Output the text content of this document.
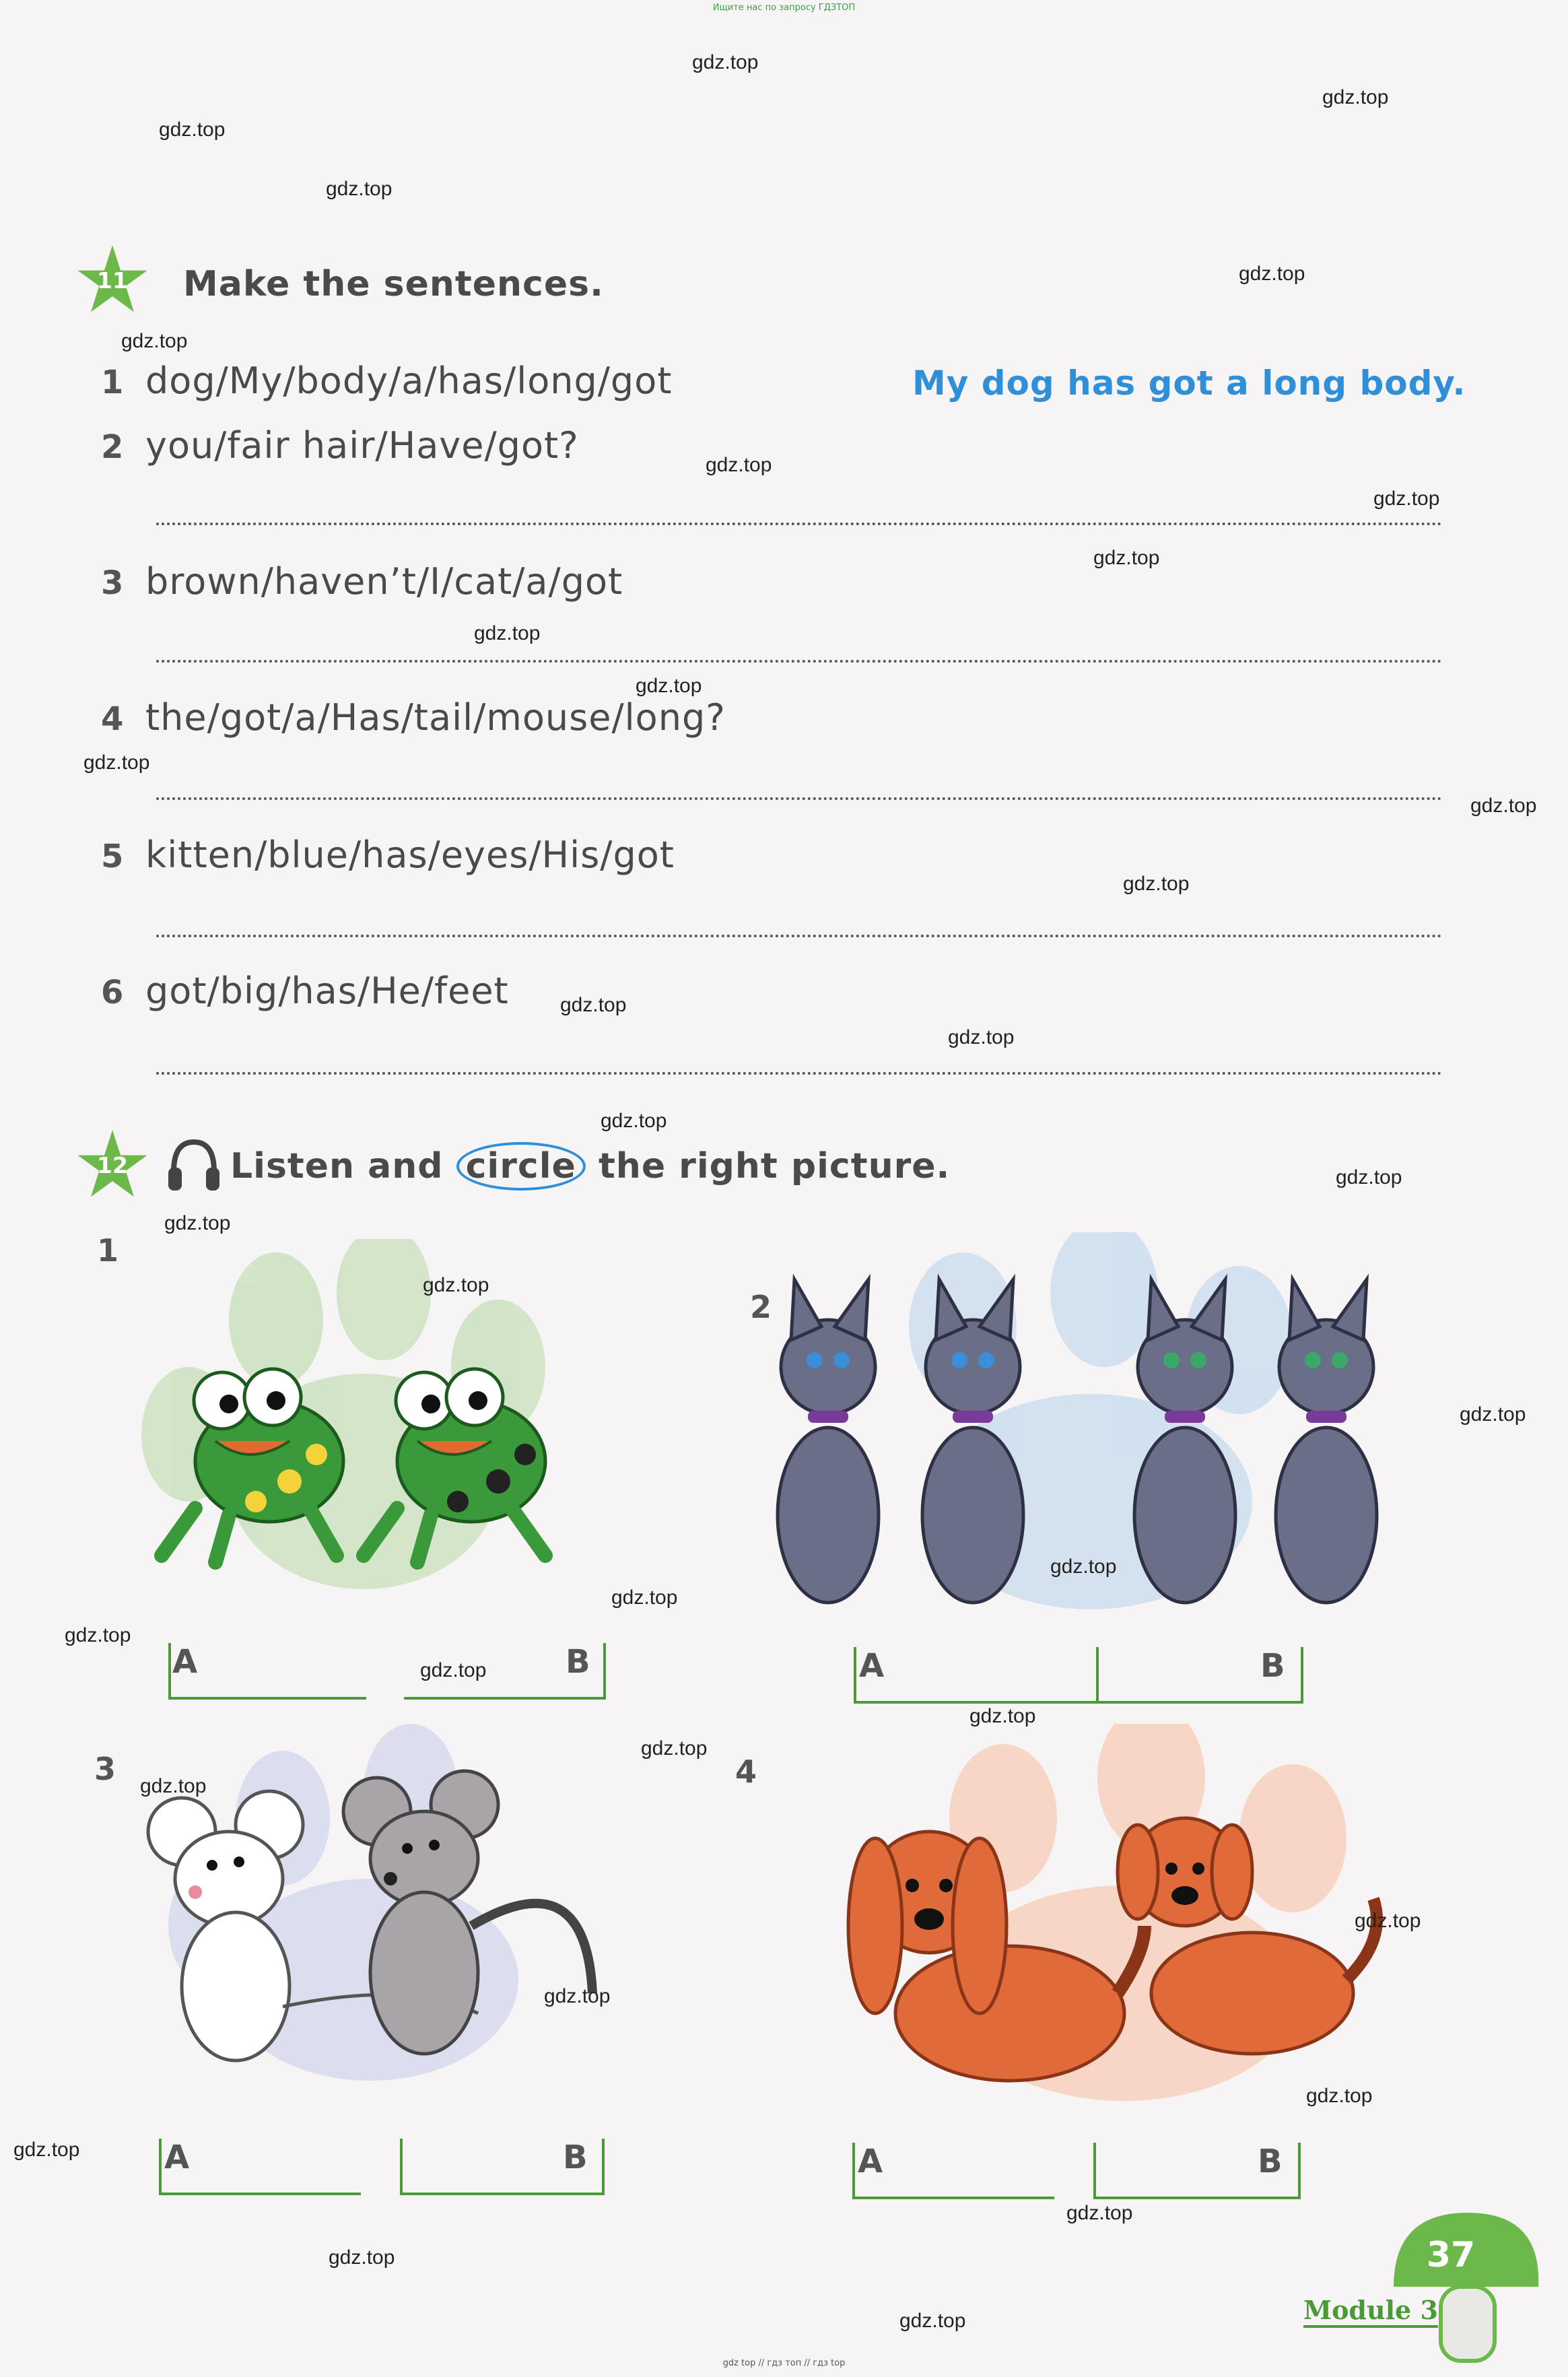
Ищите нас по запросу ГДЗТОП
gdz top // гдз топ // гдз top
11 Make the sentences.
1 dog/My/body/a/has/long/got	My dog has got a long body.
2 you/fair hair/Have/got?
3 brown/haven’t/I/cat/a/got
4 the/got/a/Has/tail/mouse/long?
5 kitten/blue/has/eyes/His/got
6 got/big/has/He/feet
12	Listen and circle the right picture.
1
A	B
2
A	B
3
A	B
4
A	B
37
Module 3
gdz.top
gdz.top
gdz.top
gdz.top
gdz.top
gdz.top
gdz.top
gdz.top
gdz.top
gdz.top
gdz.top
gdz.top
gdz.top
gdz.top
gdz.top
gdz.top
gdz.top
gdz.top
gdz.top
gdz.top
gdz.top
gdz.top
gdz.top
gdz.top
gdz.top
gdz.top
gdz.top
gdz.top
gdz.top
gdz.top
gdz.top
gdz.top
gdz.top
gdz.top
gdz.top
